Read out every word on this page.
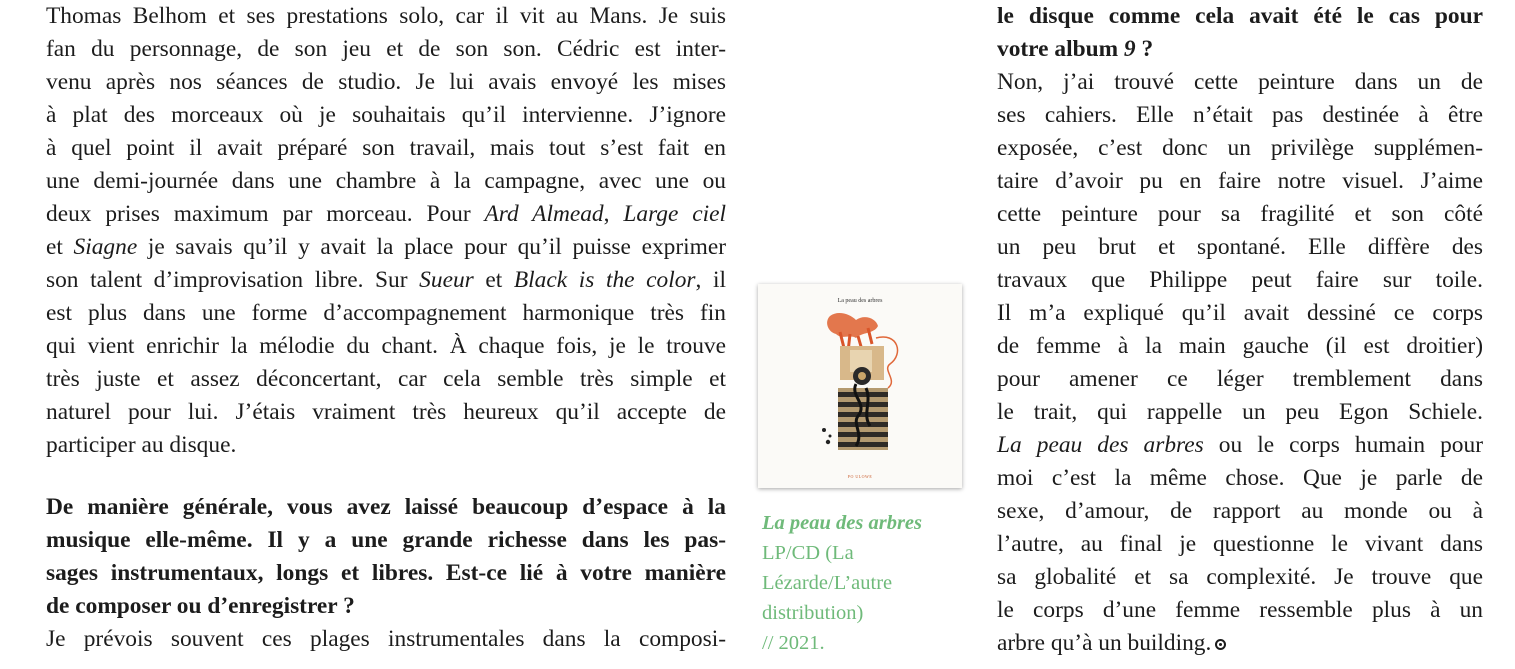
Thomas Belhom et ses prestations solo, car il vit au Mans. Je suis
fan du personnage, de son jeu et de son son. Cédric est inter-
venu après nos séances de studio. Je lui avais envoyé les mises
à plat des morceaux où je souhaitais qu’il intervienne. J’ignore
à quel point il avait préparé son travail, mais tout s’est fait en
une demi-journée dans une chambre à la campagne, avec une ou
deux prises maximum par morceau. Pour Ard Almead, Large ciel
et Siagne je savais qu’il y avait la place pour qu’il puisse exprimer
son talent d’improvisation libre. Sur Sueur et Black is the color, il
est plus dans une forme d’accompagnement harmonique très fin
qui vient enrichir la mélodie du chant. À chaque fois, je le trouve
très juste et assez déconcertant, car cela semble très simple et
naturel pour lui. J’étais vraiment très heureux qu’il accepte de
participer au disque.
De manière générale, vous avez laissé beaucoup d’espace à la
musique elle-même. Il y a une grande richesse dans les pas-
sages instrumentaux, longs et libres. Est-ce lié à votre manière
de composer ou d’enregistrer ?
Je prévois souvent ces plages instrumentales dans la composi-
La peau des arbres
PO ULOWE
La peau des arbres
LP/CD (La
Lézarde/L’autre
distribution)
// 2021.
le disque comme cela avait été le cas pour
votre album 9 ?
Non, j’ai trouvé cette peinture dans un de
ses cahiers. Elle n’était pas destinée à être
exposée, c’est donc un privilège supplémen-
taire d’avoir pu en faire notre visuel. J’aime
cette peinture pour sa fragilité et son côté
un peu brut et spontané. Elle diffère des
travaux que Philippe peut faire sur toile.
Il m’a expliqué qu’il avait dessiné ce corps
de femme à la main gauche (il est droitier)
pour amener ce léger tremblement dans
le trait, qui rappelle un peu Egon Schiele.
La peau des arbres ou le corps humain pour
moi c’est la même chose. Que je parle de
sexe, d’amour, de rapport au monde ou à
l’autre, au final je questionne le vivant dans
sa globalité et sa complexité. Je trouve que
le corps d’une femme ressemble plus à un
arbre qu’à un building.
